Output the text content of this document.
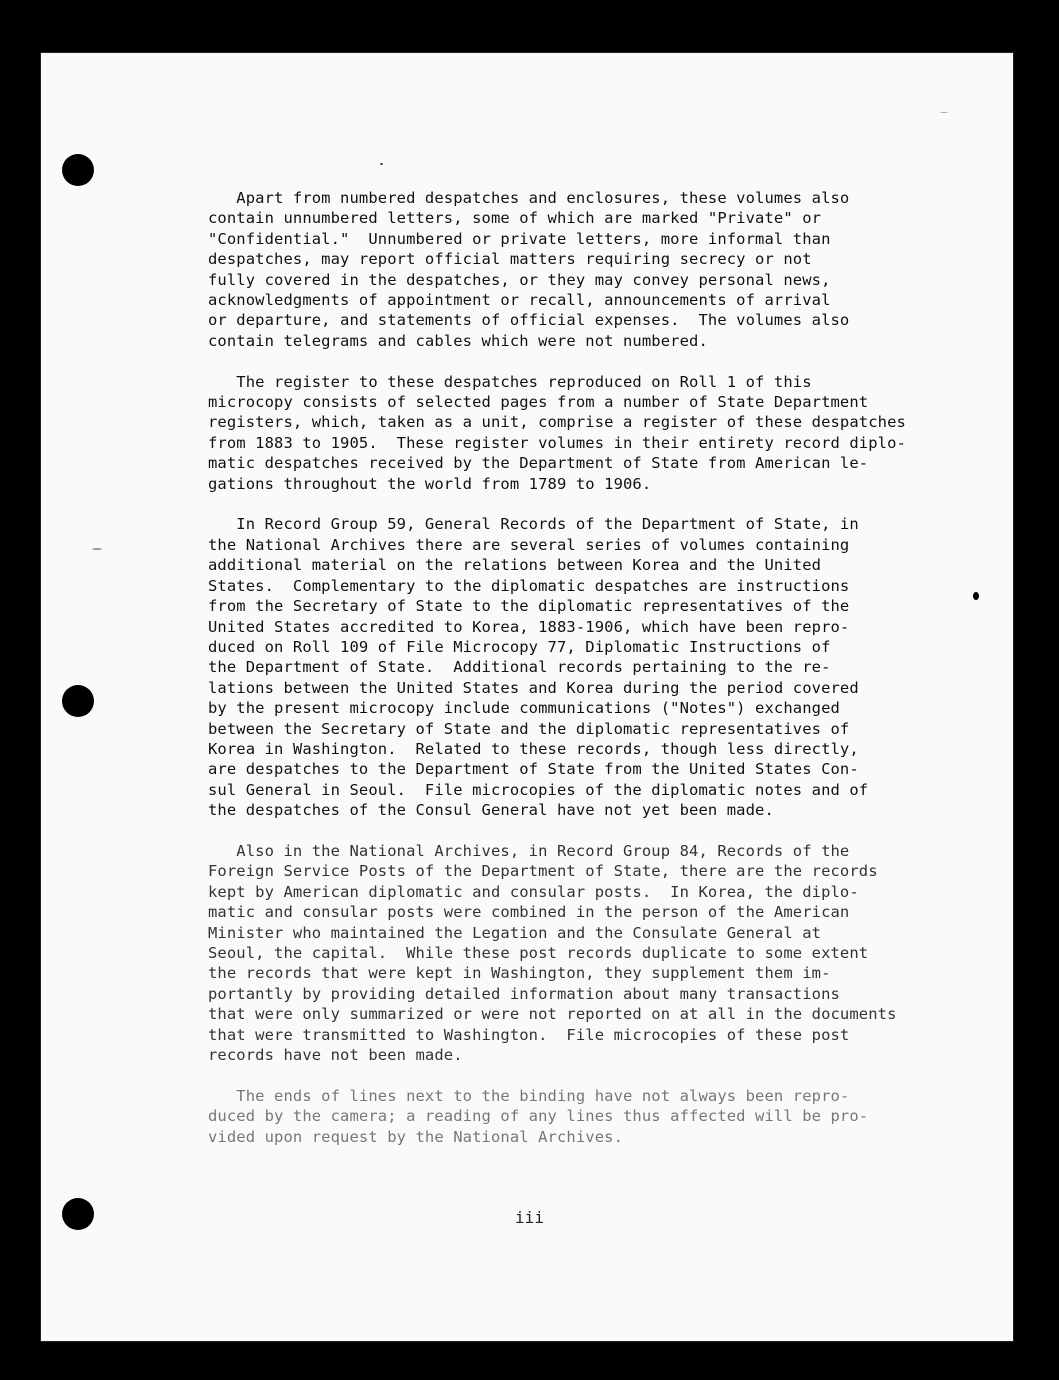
Apart from numbered despatches and enclosures, these volumes also
contain unnumbered letters, some of which are marked "Private" or
"Confidential."  Unnumbered or private letters, more informal than
despatches, may report official matters requiring secrecy or not
fully covered in the despatches, or they may convey personal news,
acknowledgments of appointment or recall, announcements of arrival
or departure, and statements of official expenses.  The volumes also
contain telegrams and cables which were not numbered.
The register to these despatches reproduced on Roll 1 of this
microcopy consists of selected pages from a number of State Department
registers, which, taken as a unit, comprise a register of these despatches
from 1883 to 1905.  These register volumes in their entirety record diplo-
matic despatches received by the Department of State from American le-
gations throughout the world from 1789 to 1906.
In Record Group 59, General Records of the Department of State, in
the National Archives there are several series of volumes containing
additional material on the relations between Korea and the United
States.  Complementary to the diplomatic despatches are instructions
from the Secretary of State to the diplomatic representatives of the
United States accredited to Korea, 1883-1906, which have been repro-
duced on Roll 109 of File Microcopy 77, Diplomatic Instructions of
the Department of State.  Additional records pertaining to the re-
lations between the United States and Korea during the period covered
by the present microcopy include communications ("Notes") exchanged
between the Secretary of State and the diplomatic representatives of
Korea in Washington.  Related to these records, though less directly,
are despatches to the Department of State from the United States Con-
sul General in Seoul.  File microcopies of the diplomatic notes and of
the despatches of the Consul General have not yet been made.
Also in the National Archives, in Record Group 84, Records of the
Foreign Service Posts of the Department of State, there are the records
kept by American diplomatic and consular posts.  In Korea, the diplo-
matic and consular posts were combined in the person of the American
Minister who maintained the Legation and the Consulate General at
Seoul, the capital.  While these post records duplicate to some extent
the records that were kept in Washington, they supplement them im-
portantly by providing detailed information about many transactions
that were only summarized or were not reported on at all in the documents
that were transmitted to Washington.  File microcopies of these post
records have not been made.
The ends of lines next to the binding have not always been repro-
duced by the camera; a reading of any lines thus affected will be pro-
vided upon request by the National Archives.
iii
